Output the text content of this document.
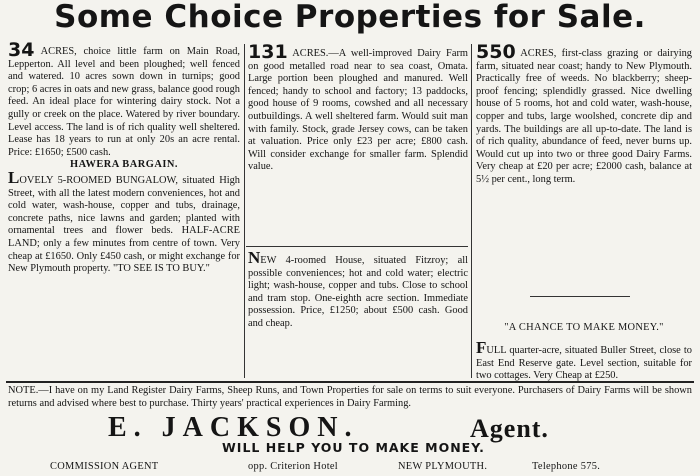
Some Choice Properties for Sale.

34 ACRES, choice little farm on Main Road, Lepperton. All level and been ploughed; well fenced and watered. 10 acres sown down in turnips; good crop; 6 acres in oats and new grass, balance good rough feed. An ideal place for wintering dairy stock. Not a gully or creek on the place. Watered by river boundary. Level access. The land is of rich quality well sheltered. Lease has 18 years to run at only 20s an acre rental. Price: £1650; £500 cash.

HAWERA BARGAIN.

LOVELY 5-ROOMED BUNGALOW, situated High Street, with all the latest modern conveniences, hot and cold water, wash-house, copper and tubs, drainage, concrete paths, nice lawns and garden; planted with ornamental trees and flower beds. HALF-ACRE LAND; only a few minutes from centre of town. Very cheap at £1650. Only £450 cash, or might exchange for New Plymouth property. "TO SEE IS TO BUY."

131 ACRES.—A well-improved Dairy Farm on good metalled road near to sea coast, Omata. Large portion been ploughed and manured. Well fenced; handy to school and factory; 13 paddocks, good house of 9 rooms, cowshed and all necessary outbuildings. A well sheltered farm. Would suit man with family. Stock, grade Jersey cows, can be taken at valuation. Price only £23 per acre; £800 cash. Will consider exchange for smaller farm. Splendid value.

NEW 4-roomed House, situated Fitzroy; all possible conveniences; hot and cold water; electric light; wash-house, copper and tubs. Close to school and tram stop. One-eighth acre section. Immediate possession. Price, £1250; about £500 cash. Good and cheap.

550 ACRES, first-class grazing or dairying farm, situated near coast; handy to New Plymouth. Practically free of weeds. No blackberry; sheep-proof fencing; splendidly grassed. Nice dwelling house of 5 rooms, hot and cold water, wash-house, copper and tubs, large woolshed, concrete dip and yards. The buildings are all up-to-date. The land is of rich quality, abundance of feed, never burns up. Would cut up into two or three good Dairy Farms. Very cheap at £20 per acre; £2000 cash, balance at 5½ per cent., long term.

"A CHANCE TO MAKE MONEY."

FULL quarter-acre, situated Buller Street, close to East End Reserve gate. Level section, suitable for two cottages. Very Cheap at £250.

NOTE.—I have on my Land Register Dairy Farms, Sheep Runs, and Town Properties for sale on terms to suit everyone. Purchasers of Dairy Farms will be shown returns and advised where best to purchase. Thirty years' practical experiences in Dairy Farming.
E. JACKSON.	Agent.
WILL HELP YOU TO MAKE MONEY.
COMMISSION AGENT	opp. Criterion Hotel	NEW PLYMOUTH.	Telephone 575.
